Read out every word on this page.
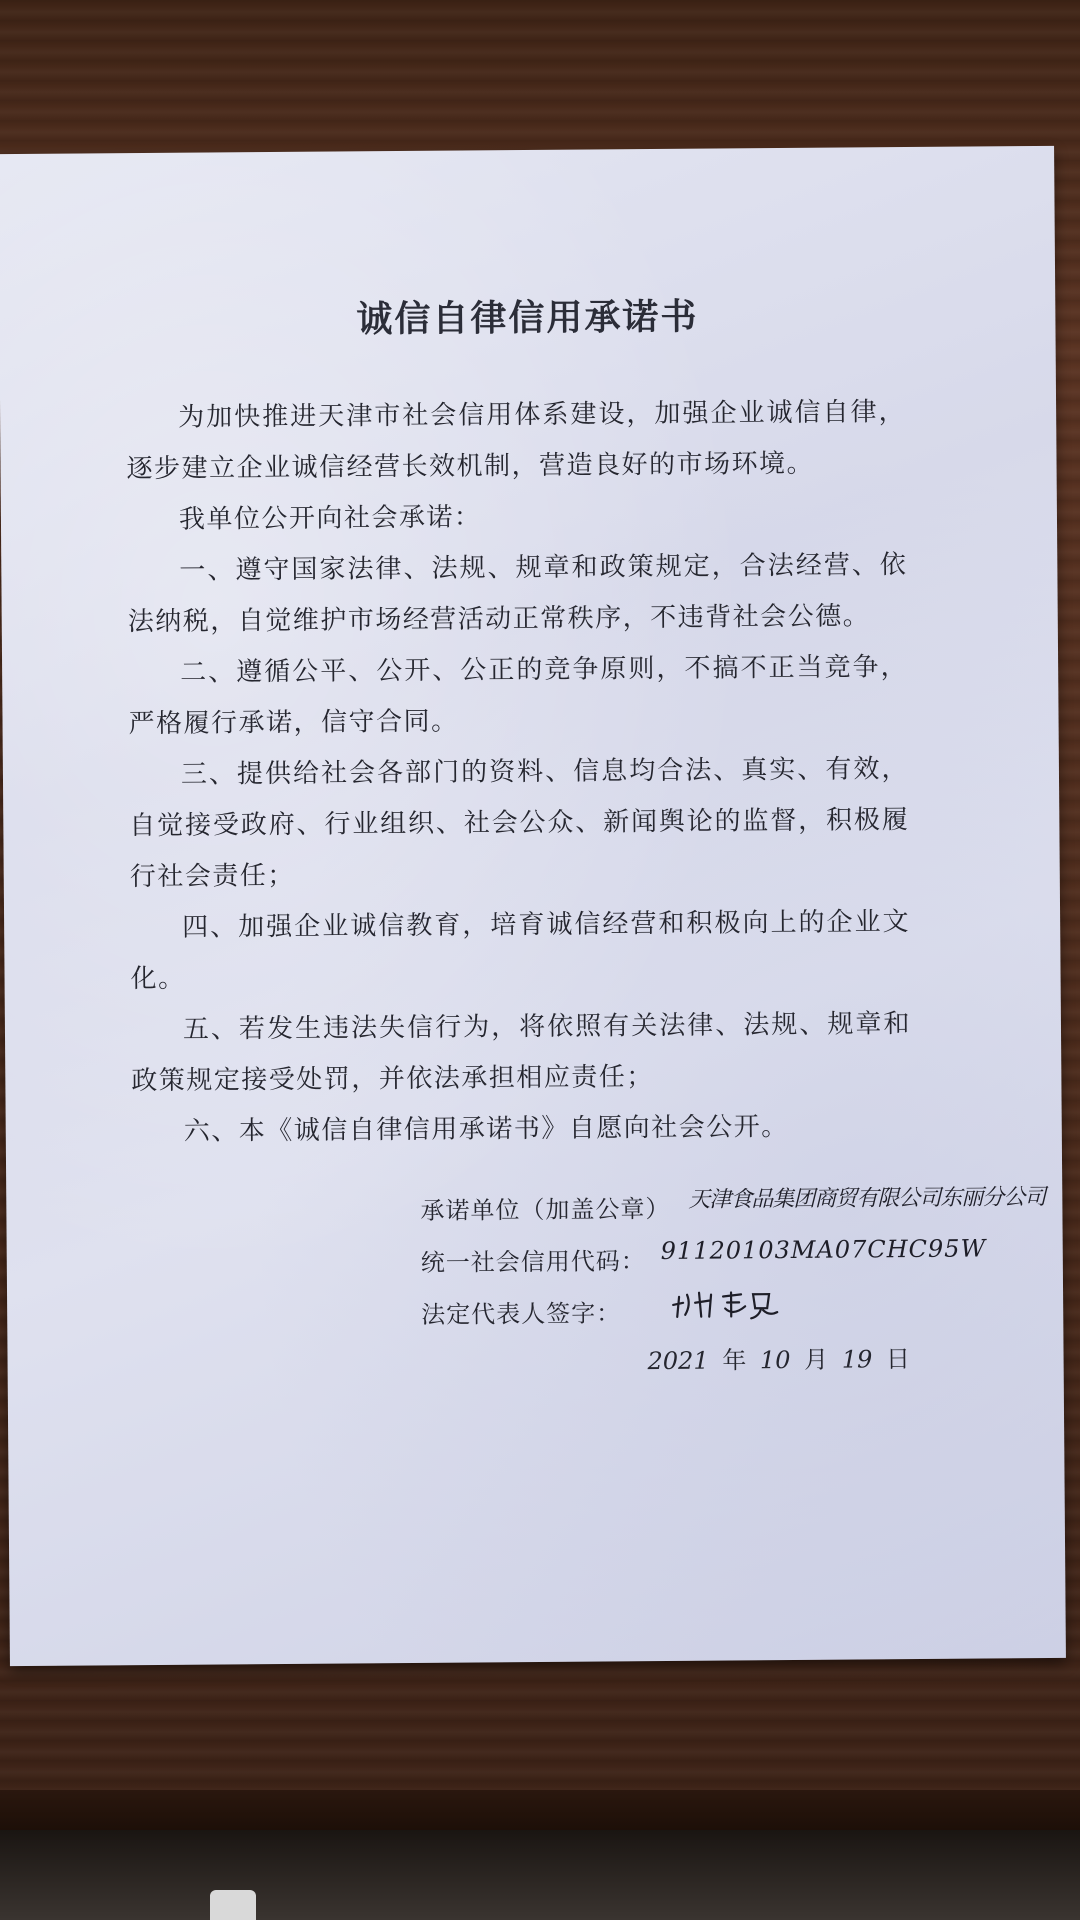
诚信自律信用承诺书

为加快推进天津市社会信用体系建设，加强企业诚信自律，逐步建立企业诚信经营长效机制，营造良好的市场环境。

我单位公开向社会承诺：

一、遵守国家法律、法规、规章和政策规定，合法经营、依法纳税，自觉维护市场经营活动正常秩序，不违背社会公德。

二、遵循公平、公开、公正的竞争原则，不搞不正当竞争，严格履行承诺，信守合同。

三、提供给社会各部门的资料、信息均合法、真实、有效，自觉接受政府、行业组织、社会公众、新闻舆论的监督，积极履行社会责任；

四、加强企业诚信教育，培育诚信经营和积极向上的企业文化。

五、若发生违法失信行为，将依照有关法律、法规、规章和政策规定接受处罚，并依法承担相应责任；

六、本《诚信自律信用承诺书》自愿向社会公开。

承诺单位（加盖公章） 天津食品集团商贸有限公司东丽分公司
统一社会信用代码： 91120103MA07CHC95W
法定代表人签字：
2021 年 10 月 19 日
